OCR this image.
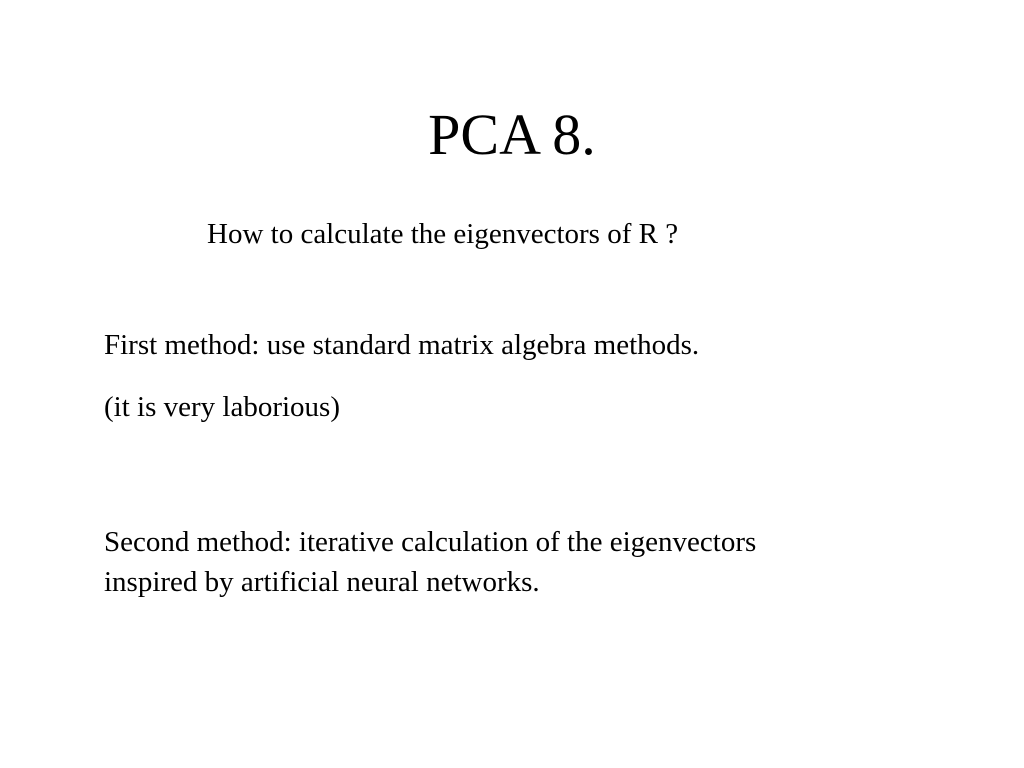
PCA 8.
How to calculate the eigenvectors of R ?
First method: use standard matrix algebra methods.
(it is very laborious)
Second method: iterative calculation of the eigenvectors
inspired by artificial neural networks.
